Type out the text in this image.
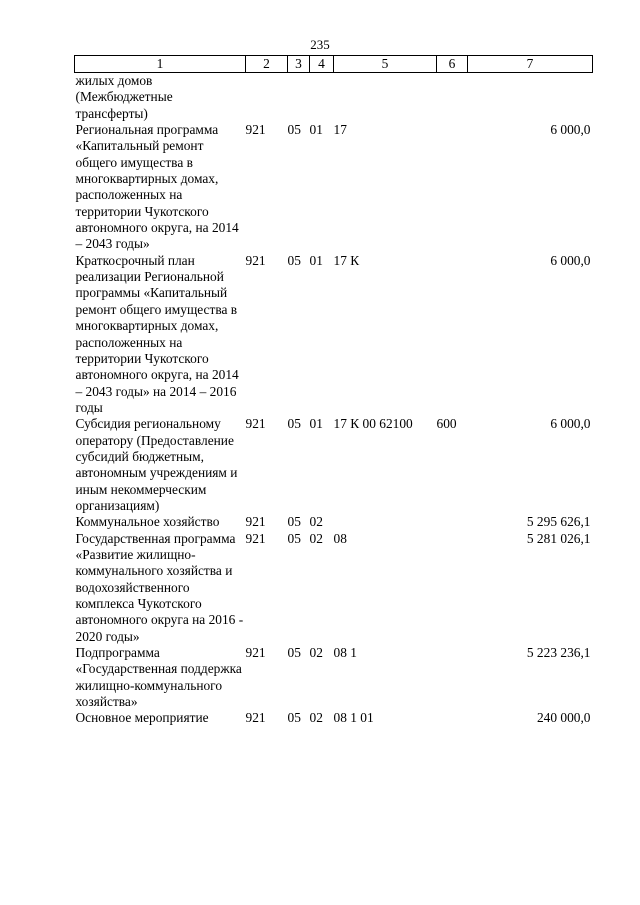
235
1	2	3	4	5	6	7
жилых домов (Межбюджетные трансферты)						
Региональная программа «Капитальный ремонт общего имущества в многоквартирных домах, расположенных на территории Чукотского автономного округа, на 2014 – 2043 годы»	921	05	01	17		6 000,0
Краткосрочный план реализации Региональной программы «Капитальный ремонт общего имущества в многоквартирных домах, расположенных на территории Чукотского автономного округа, на 2014 – 2043 годы» на 2014 – 2016 годы	921	05	01	17 К		6 000,0
Субсидия региональному оператору (Предоставление субсидий бюджетным, автономным учреждениям и иным некоммерческим организациям)	921	05	01	17 К 00 62100	600	6 000,0
Коммунальное хозяйство	921	05	02			5 295 626,1
Государственная программа «Развитие жилищно-коммунального хозяйства и водохозяйственного комплекса Чукотского автономного округа на 2016 - 2020 годы»	921	05	02	08		5 281 026,1
Подпрограмма «Государственная поддержка жилищно-коммунального хозяйства»	921	05	02	08 1		5 223 236,1
Основное мероприятие	921	05	02	08 1 01		240 000,0
